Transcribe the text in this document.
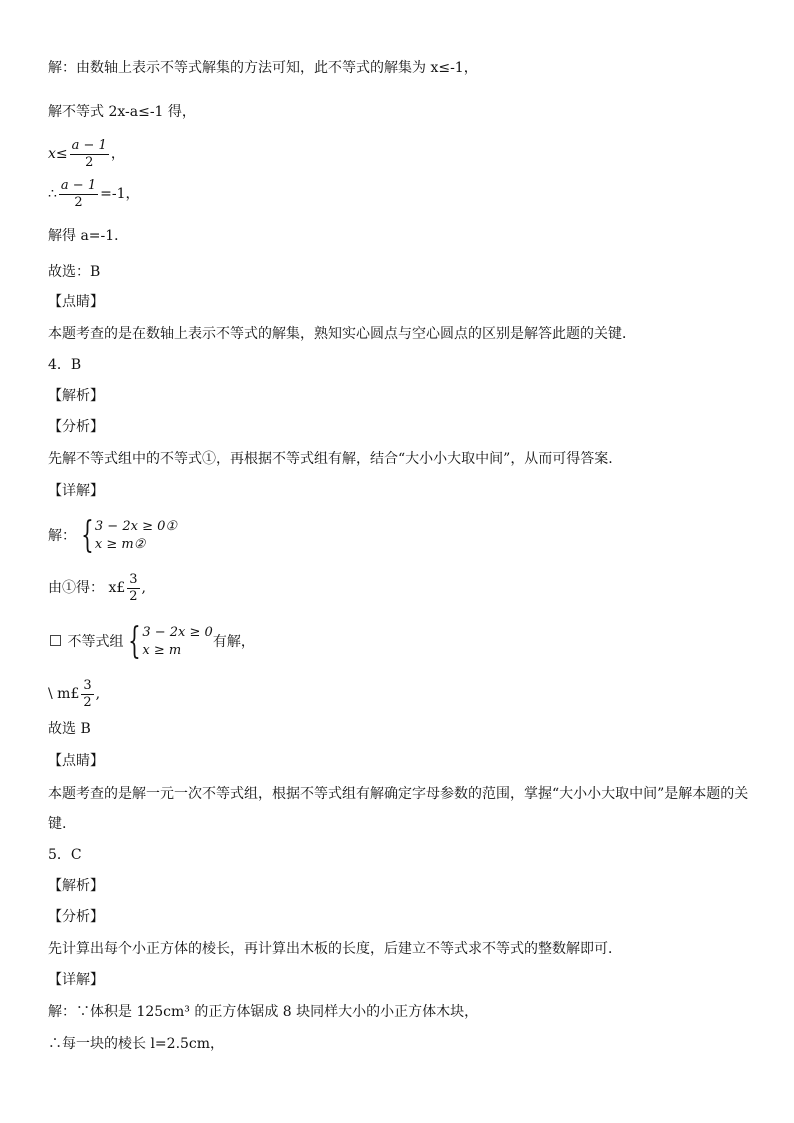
解：由数轴上表示不等式解集的方法可知，此不等式的解集为 x≤-1，
解不等式 2x-a≤-1 得，
$x\le \frac{a - 1}{2}$ ，
∴ $\frac{a - 1}{2} =-1$，
解得 a=-1．
故选：B
【点睛】
本题考查的是在数轴上表示不等式的解集，熟知实心圆点与空心圆点的区别是解答此题的关键．
4．B
【解析】
【分析】
先解不等式组中的不等式①，再根据不等式组有解，结合“大小小大取中间”，从而可得答案.
【详解】
解： { 3 − 2x ≥ 0①
x ≥ m②
由①得： x£ $\frac{3}{2}$ ,
不等式组 { 3 − 2x ≥ 0
x ≥ m
有解，
\ m£ $\frac{3}{2}$ ,
故选 B
【点睛】
本题考查的是解一元一次不等式组，根据不等式组有解确定字母参数的范围，掌握“大小小大取中间”是解本题的关
键.
5．C
【解析】
【分析】
先计算出每个小正方体的棱长，再计算出木板的长度，后建立不等式求不等式的整数解即可．
【详解】
解：∵体积是 125cm³ 的正方体锯成 8 块同样大小的小正方体木块，
∴每一块的棱长 l=2.5cm，
